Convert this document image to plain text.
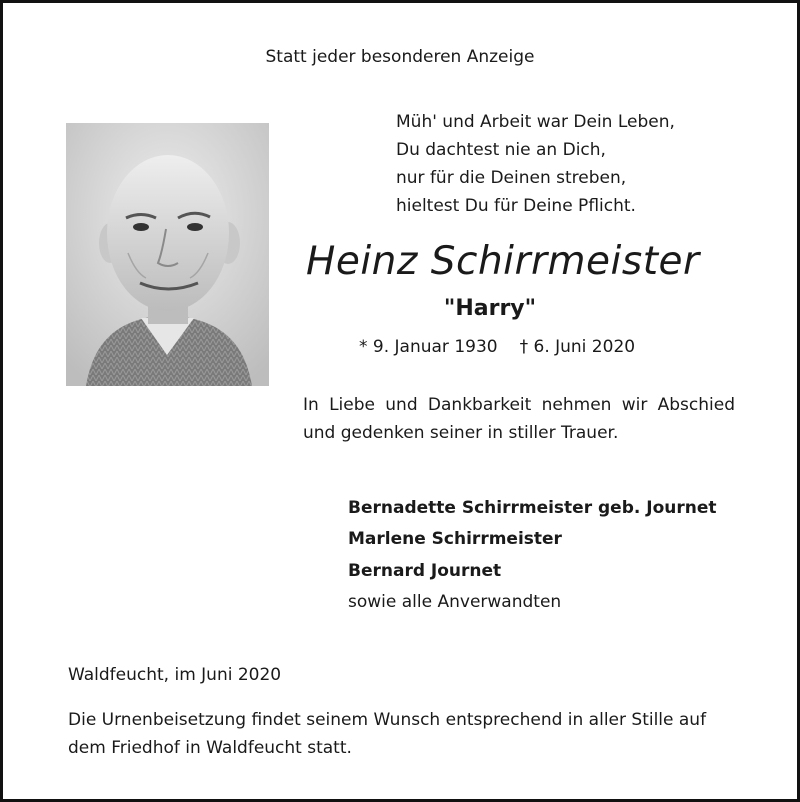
Statt jeder besonderen Anzeige
Müh' und Arbeit war Dein Leben,
Du dachtest nie an Dich,
nur für die Deinen streben,
hieltest Du für Deine Pflicht.
Heinz Schirrmeister
"Harry"
* 9. Januar 1930 † 6. Juni 2020
In Liebe und Dankbarkeit nehmen wir Abschied und gedenken seiner in stiller Trauer.
Bernadette Schirrmeister geb. Journet
Marlene Schirrmeister
Bernard Journet
sowie alle Anverwandten
Waldfeucht, im Juni 2020
Die Urnenbeisetzung findet seinem Wunsch entsprechend in aller Stille auf dem Friedhof in Waldfeucht statt.
